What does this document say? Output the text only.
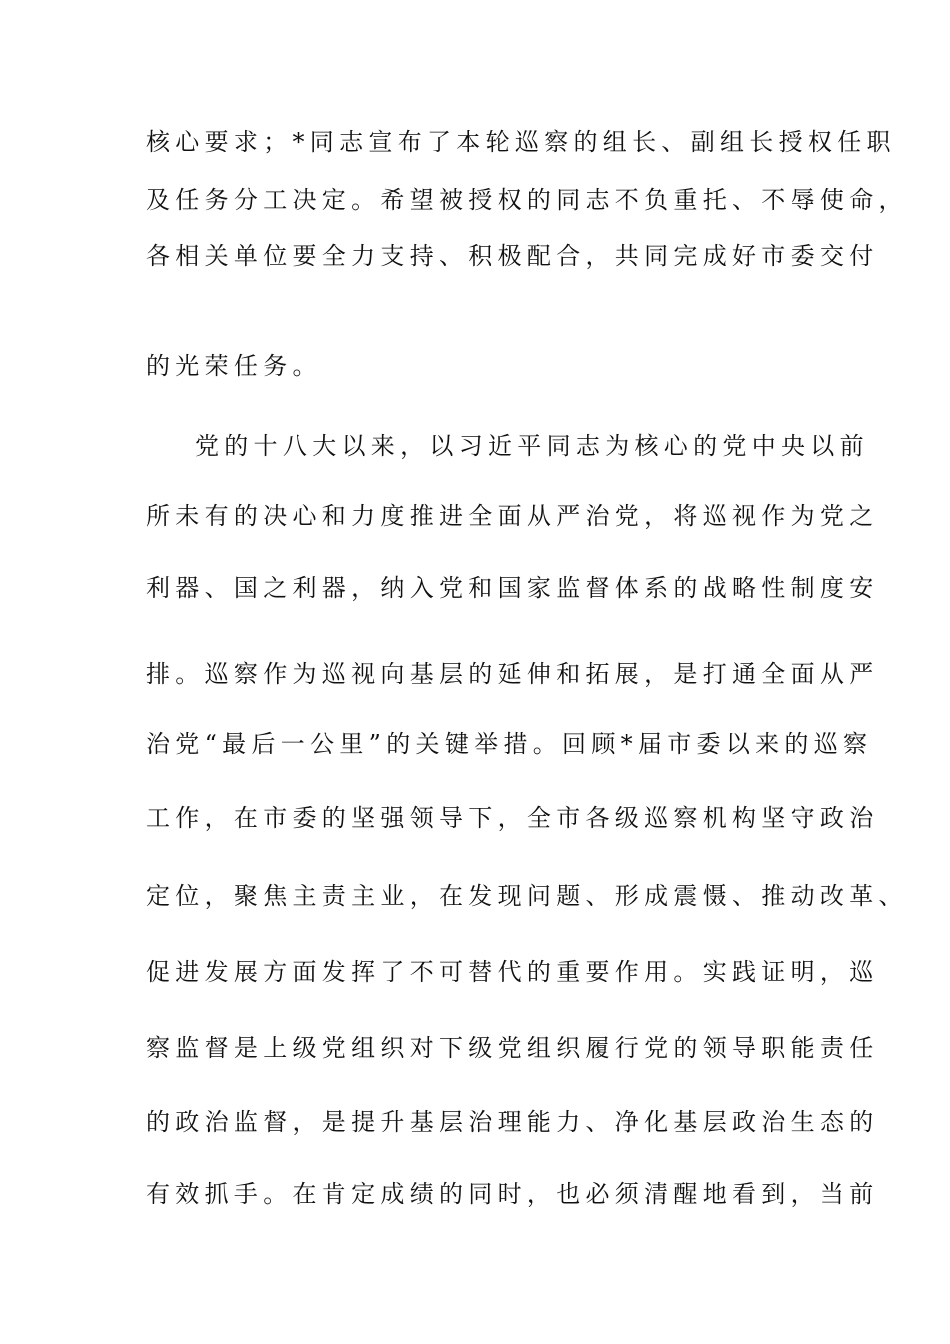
核心要求；*同志宣布了本轮巡察的组长、副组长授权任职
及任务分工决定。希望被授权的同志不负重托、不辱使命，
各相关单位要全力支持、积极配合，共同完成好市委交付
的光荣任务。
党的十八大以来，以习近平同志为核心的党中央以前
所未有的决心和力度推进全面从严治党，将巡视作为党之
利器、国之利器，纳入党和国家监督体系的战略性制度安
排。巡察作为巡视向基层的延伸和拓展，是打通全面从严
治党“最后一公里”的关键举措。回顾*届市委以来的巡察
工作，在市委的坚强领导下，全市各级巡察机构坚守政治
定位，聚焦主责主业，在发现问题、形成震慑、推动改革、
促进发展方面发挥了不可替代的重要作用。实践证明，巡
察监督是上级党组织对下级党组织履行党的领导职能责任
的政治监督，是提升基层治理能力、净化基层政治生态的
有效抓手。在肯定成绩的同时，也必须清醒地看到，当前
